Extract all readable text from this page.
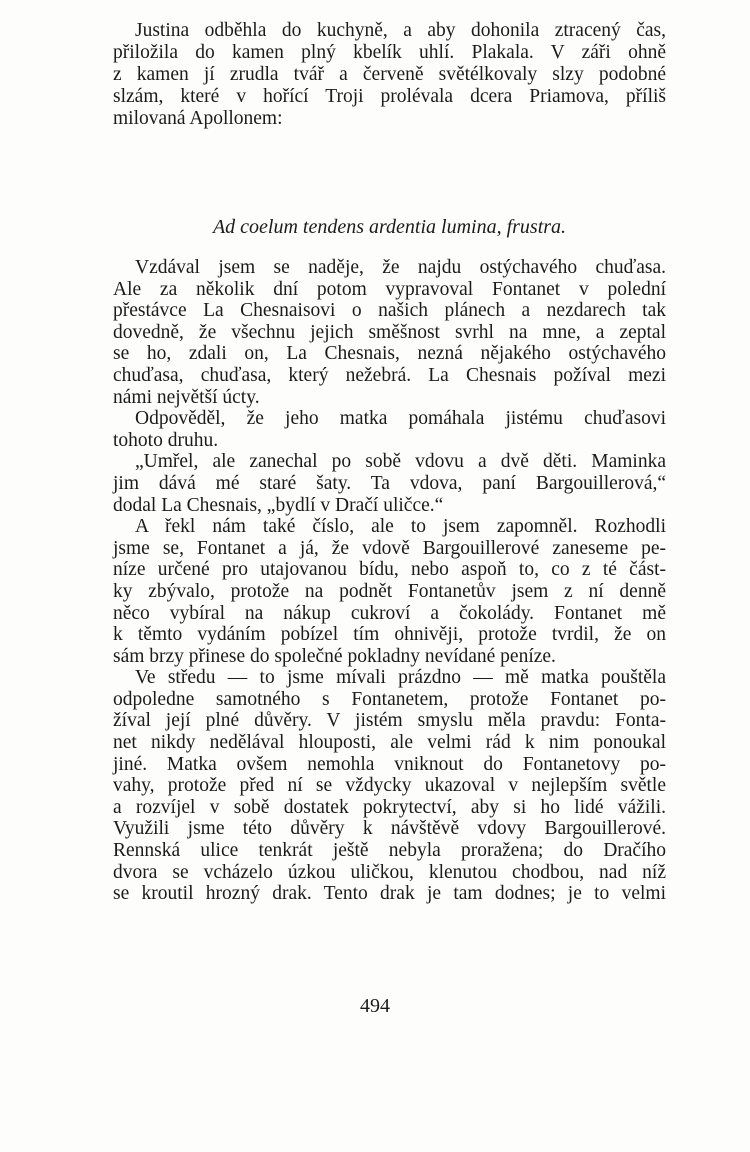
Justina odběhla do kuchyně, a aby dohonila ztracený čas,
přiložila do kamen plný kbelík uhlí. Plakala. V záři ohně
z kamen jí zrudla tvář a červeně světélkovaly slzy podobné
slzám, které v hořící Troji prolévala dcera Priamova, příliš
milovaná Apollonem:
Ad coelum tendens ardentia lumina, frustra.
Vzdával jsem se naděje, že najdu ostýchavého chuďasa.
Ale za několik dní potom vypravoval Fontanet v polední
přestávce La Chesnaisovi o našich plánech a nezdarech tak
dovedně, že všechnu jejich směšnost svrhl na mne, a zeptal
se ho, zdali on, La Chesnais, nezná nějakého ostýchavého
chuďasa, chuďasa, který nežebrá. La Chesnais požíval mezi
námi největší úcty.
Odpověděl, že jeho matka pomáhala jistému chuďasovi
tohoto druhu.
„Umřel, ale zanechal po sobě vdovu a dvě děti. Maminka
jim dává mé staré šaty. Ta vdova, paní Bargouillerová,“
dodal La Chesnais, „bydlí v Dračí uličce.“
A řekl nám také číslo, ale to jsem zapomněl. Rozhodli
jsme se, Fontanet a já, že vdově Bargouillerové zaneseme pe-
níze určené pro utajovanou bídu, nebo aspoň to, co z té část-
ky zbývalo, protože na podnět Fontanetův jsem z ní denně
něco vybíral na nákup cukroví a čokolády. Fontanet mě
k těmto vydáním pobízel tím ohnivěji, protože tvrdil, že on
sám brzy přinese do společné pokladny nevídané peníze.
Ve středu — to jsme mívali prázdno — mě matka pouštěla
odpoledne samotného s Fontanetem, protože Fontanet po-
žíval její plné důvěry. V jistém smyslu měla pravdu: Fonta-
net nikdy nedělával hlouposti, ale velmi rád k nim ponoukal
jiné. Matka ovšem nemohla vniknout do Fontanetovy po-
vahy, protože před ní se vždycky ukazoval v nejlepším světle
a rozvíjel v sobě dostatek pokrytectví, aby si ho lidé vážili.
Využili jsme této důvěry k návštěvě vdovy Bargouillerové.
Rennská ulice tenkrát ještě nebyla proražena; do Dračího
dvora se vcházelo úzkou uličkou, klenutou chodbou, nad níž
se kroutil hrozný drak. Tento drak je tam dodnes; je to velmi
494
